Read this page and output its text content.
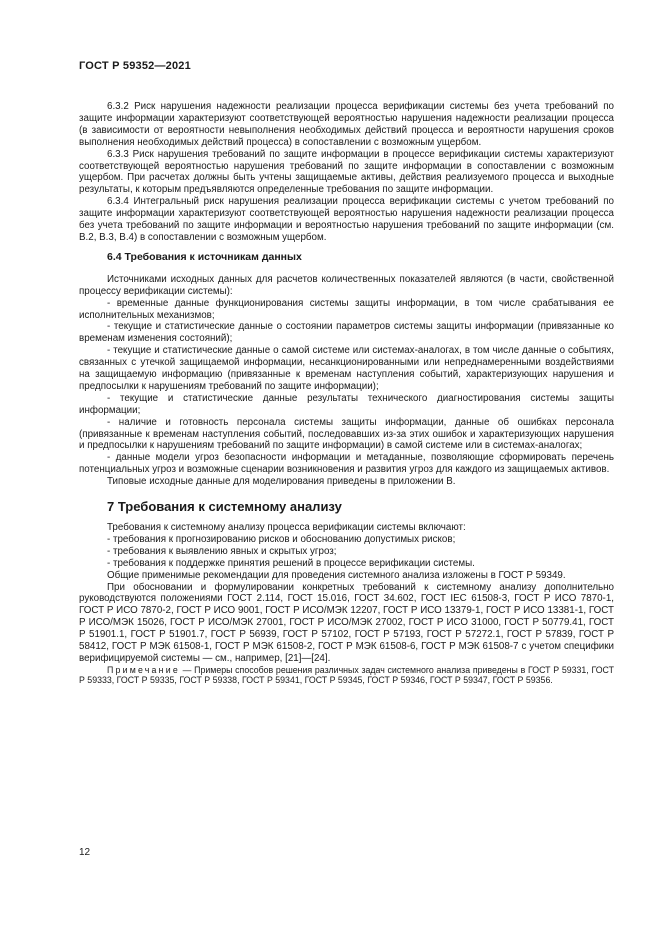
ГОСТ Р 59352—2021

6.3.2 Риск нарушения надежности реализации процесса верификации системы без учета требований по защите информации характеризуют соответствующей вероятностью нарушения надежности реализации процесса (в зависимости от вероятности невыполнения необходимых действий процесса и вероятности нарушения сроков выполнения необходимых действий процесса) в сопоставлении с возможным ущербом.

6.3.3 Риск нарушения требований по защите информации в процессе верификации системы характеризуют соответствующей вероятностью нарушения требований по защите информации в сопоставлении с возможным ущербом. При расчетах должны быть учтены защищаемые активы, действия реализуемого процесса и выходные результаты, к которым предъявляются определенные требования по защите информации.

6.3.4 Интегральный риск нарушения реализации процесса верификации системы с учетом требований по защите информации характеризуют соответствующей вероятностью нарушения надежности реализации процесса без учета требований по защите информации и вероятностью нарушения требований по защите информации (см. В.2, В.3, В.4) в сопоставлении с возможным ущербом.

6.4 Требования к источникам данных

Источниками исходных данных для расчетов количественных показателей являются (в части, свойственной процессу верификации системы):

- временные данные функционирования системы защиты информации, в том числе срабатывания ее исполнительных механизмов;

- текущие и статистические данные о состоянии параметров системы защиты информации (привязанные ко временам изменения состояний);

- текущие и статистические данные о самой системе или системах-аналогах, в том числе данные о событиях, связанных с утечкой защищаемой информации, несанкционированными или непреднамеренными воздействиями на защищаемую информацию (привязанные к временам наступления событий, характеризующих нарушения и предпосылки к нарушениям требований по защите информации);

- текущие и статистические данные результаты технического диагностирования системы защиты информации;

- наличие и готовность персонала системы защиты информации, данные об ошибках персонала (привязанные к временам наступления событий, последовавших из-за этих ошибок и характеризующих нарушения и предпосылки к нарушениям требований по защите информации) в самой системе или в системах-аналогах;

- данные модели угроз безопасности информации и метаданные, позволяющие сформировать перечень потенциальных угроз и возможные сценарии возникновения и развития угроз для каждого из защищаемых активов.

Типовые исходные данные для моделирования приведены в приложении В.

7 Требования к системному анализу

Требования к системному анализу процесса верификации системы включают:

- требования к прогнозированию рисков и обоснованию допустимых рисков;

- требования к выявлению явных и скрытых угроз;

- требования к поддержке принятия решений в процессе верификации системы.

Общие применимые рекомендации для проведения системного анализа изложены в ГОСТ Р 59349.

При обосновании и формулировании конкретных требований к системному анализу дополнительно руководствуются положениями ГОСТ 2.114, ГОСТ 15.016, ГОСТ 34.602, ГОСТ IEC 61508-3, ГОСТ Р ИСО 7870-1, ГОСТ Р ИСО 7870-2, ГОСТ Р ИСО 9001, ГОСТ Р ИСО/МЭК 12207, ГОСТ Р ИСО 13379-1, ГОСТ Р ИСО 13381-1, ГОСТ Р ИСО/МЭК 15026, ГОСТ Р ИСО/МЭК 27001, ГОСТ Р ИСО/МЭК 27002, ГОСТ Р ИСО 31000, ГОСТ Р 50779.41, ГОСТ Р 51901.1, ГОСТ Р 51901.7, ГОСТ Р 56939, ГОСТ Р 57102, ГОСТ Р 57193, ГОСТ Р 57272.1, ГОСТ Р 57839, ГОСТ Р 58412, ГОСТ Р МЭК 61508-1, ГОСТ Р МЭК 61508-2, ГОСТ Р МЭК 61508-6, ГОСТ Р МЭК 61508-7 с учетом специфики верифицируемой системы — см., например, [21]—[24].

Примечание — Примеры способов решения различных задач системного анализа приведены в ГОСТ Р 59331, ГОСТ Р 59333, ГОСТ Р 59335, ГОСТ Р 59338, ГОСТ Р 59341, ГОСТ Р 59345, ГОСТ Р 59346, ГОСТ Р 59347, ГОСТ Р 59356.

12
